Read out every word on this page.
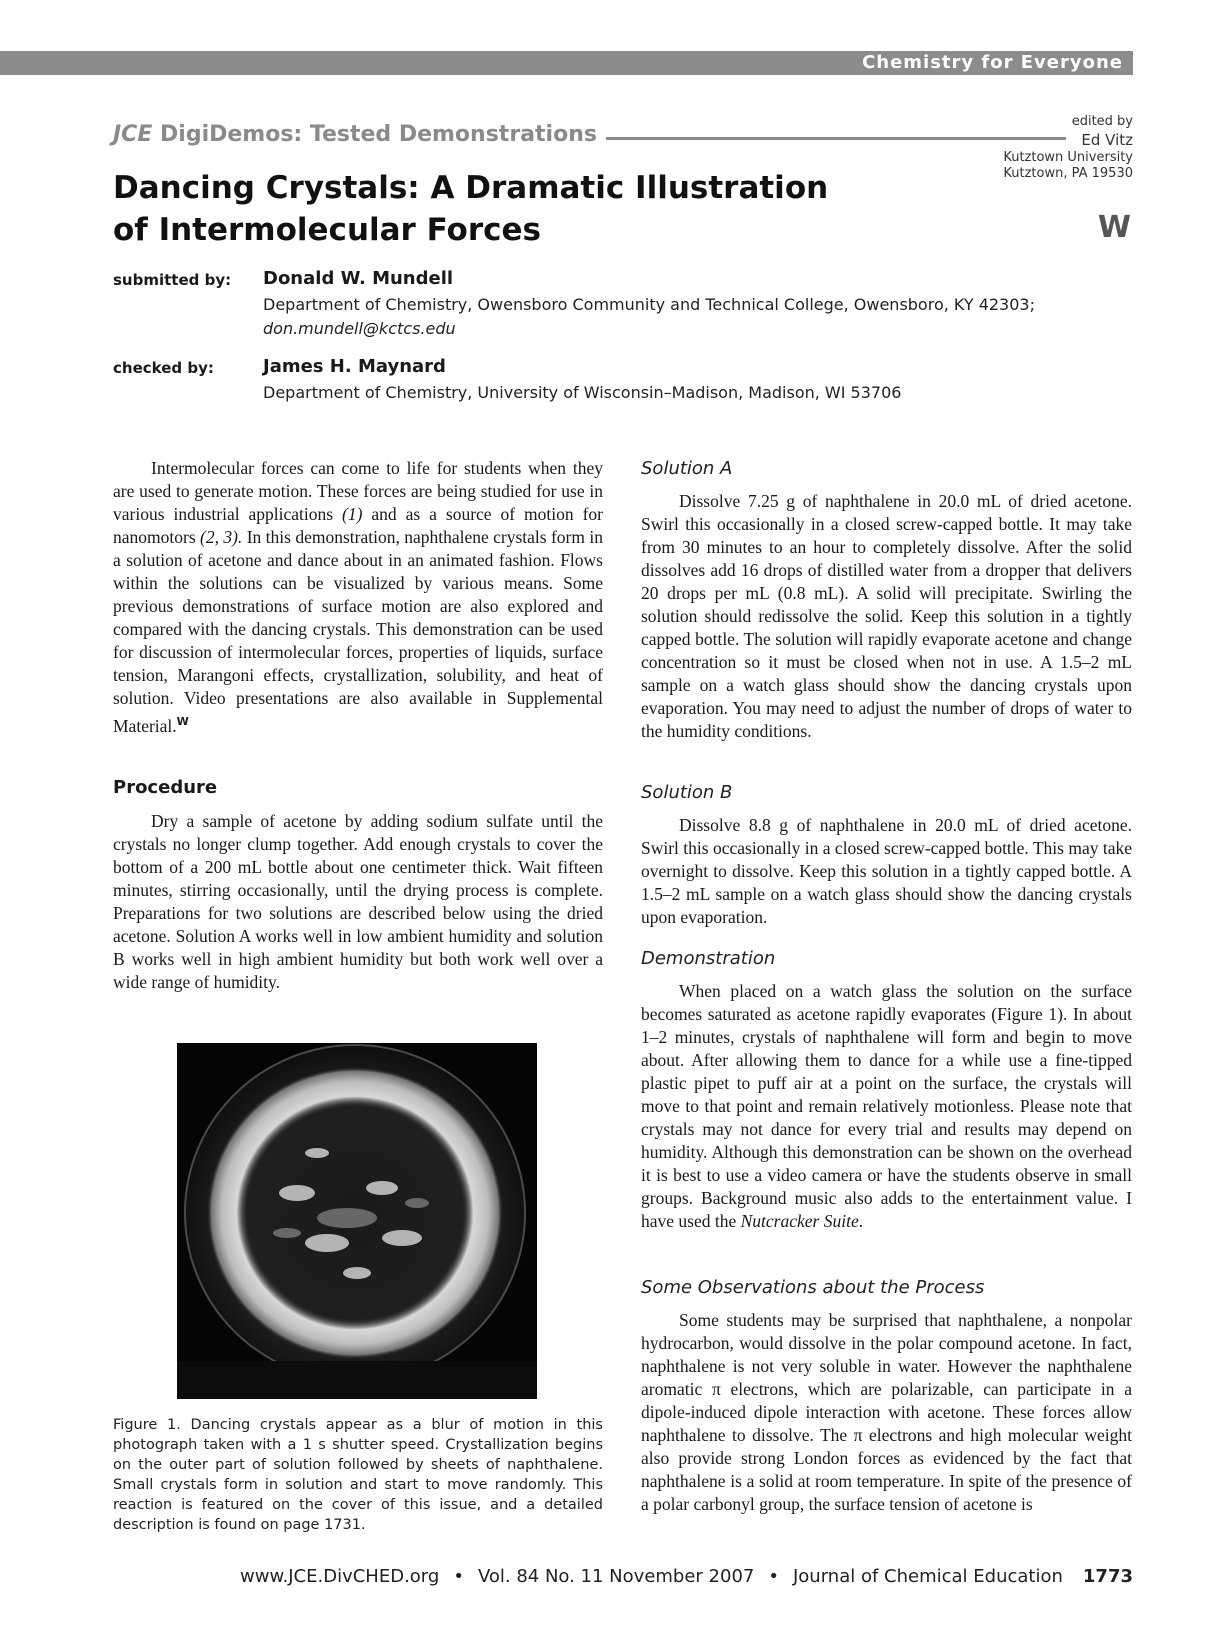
Chemistry for Everyone
JCE DigiDemos: Tested Demonstrations
edited by
Ed Vitz
Kutztown University
Kutztown, PA 19530
W
Dancing Crystals: A Dramatic Illustration
of Intermolecular Forces
submitted by: Donald W. Mundell
Department of Chemistry, Owensboro Community and Technical College, Owensboro, KY 42303;
don.mundell@kctcs.edu
checked by:	James H. Maynard
Department of Chemistry, University of Wisconsin–Madison, Madison, WI 53706

Intermolecular forces can come to life for students when they are used to generate motion. These forces are being studied for use in various industrial applications (1) and as a source of motion for nanomotors (2, 3). In this demonstration, naphthalene crystals form in a solution of acetone and dance about in an animated fashion. Flows within the solutions can be visualized by various means. Some previous demonstrations of surface motion are also explored and compared with the dancing crystals. This demonstration can be used for discussion of intermolecular forces, properties of liquids, surface tension, Marangoni effects, crystallization, solubility, and heat of solution. Video presentations are also available in Supplemental Material.$^W$

Procedure

Dry a sample of acetone by adding sodium sulfate until the crystals no longer clump together. Add enough crystals to cover the bottom of a 200 mL bottle about one centimeter thick. Wait fifteen minutes, stirring occasionally, until the drying process is complete. Preparations for two solutions are described below using the dried acetone. Solution A works well in low ambient humidity and solution B works well in high ambient humidity but both work well over a wide range of humidity.

Figure 1. Dancing crystals appear as a blur of motion in this photograph taken with a 1 s shutter speed. Crystallization begins on the outer part of solution followed by sheets of naphthalene. Small crystals form in solution and start to move randomly. This reaction is featured on the cover of this issue, and a detailed description is found on page 1731.
Solution A

Dissolve 7.25 g of naphthalene in 20.0 mL of dried acetone. Swirl this occasionally in a closed screw-capped bottle. It may take from 30 minutes to an hour to completely dissolve. After the solid dissolves add 16 drops of distilled water from a dropper that delivers 20 drops per mL (0.8 mL). A solid will precipitate. Swirling the solution should redissolve the solid. Keep this solution in a tightly capped bottle. The solution will rapidly evaporate acetone and change concentration so it must be closed when not in use. A 1.5–2 mL sample on a watch glass should show the dancing crystals upon evaporation. You may need to adjust the number of drops of water to the humidity conditions.

Solution B

Dissolve 8.8 g of naphthalene in 20.0 mL of dried acetone. Swirl this occasionally in a closed screw-capped bottle. This may take overnight to dissolve. Keep this solution in a tightly capped bottle. A 1.5–2 mL sample on a watch glass should show the dancing crystals upon evaporation.

Demonstration

When placed on a watch glass the solution on the surface becomes saturated as acetone rapidly evaporates (Figure 1). In about 1–2 minutes, crystals of naphthalene will form and begin to move about. After allowing them to dance for a while use a fine-tipped plastic pipet to puff air at a point on the surface, the crystals will move to that point and remain relatively motionless. Please note that crystals may not dance for every trial and results may depend on humidity. Although this demonstration can be shown on the overhead it is best to use a video camera or have the students observe in small groups. Background music also adds to the entertainment value. I have used the Nutcracker Suite.

Some Observations about the Process

Some students may be surprised that naphthalene, a nonpolar hydrocarbon, would dissolve in the polar compound acetone. In fact, naphthalene is not very soluble in water. However the naphthalene aromatic π electrons, which are polarizable, can participate in a dipole-induced dipole interaction with acetone. These forces allow naphthalene to dissolve. The π electrons and high molecular weight also provide strong London forces as evidenced by the fact that naphthalene is a solid at room temperature. In spite of the presence of a polar carbonyl group, the surface tension of acetone is

www.JCE.DivCHED.org • Vol. 84 No. 11 November 2007 • Journal of Chemical Education 1773
